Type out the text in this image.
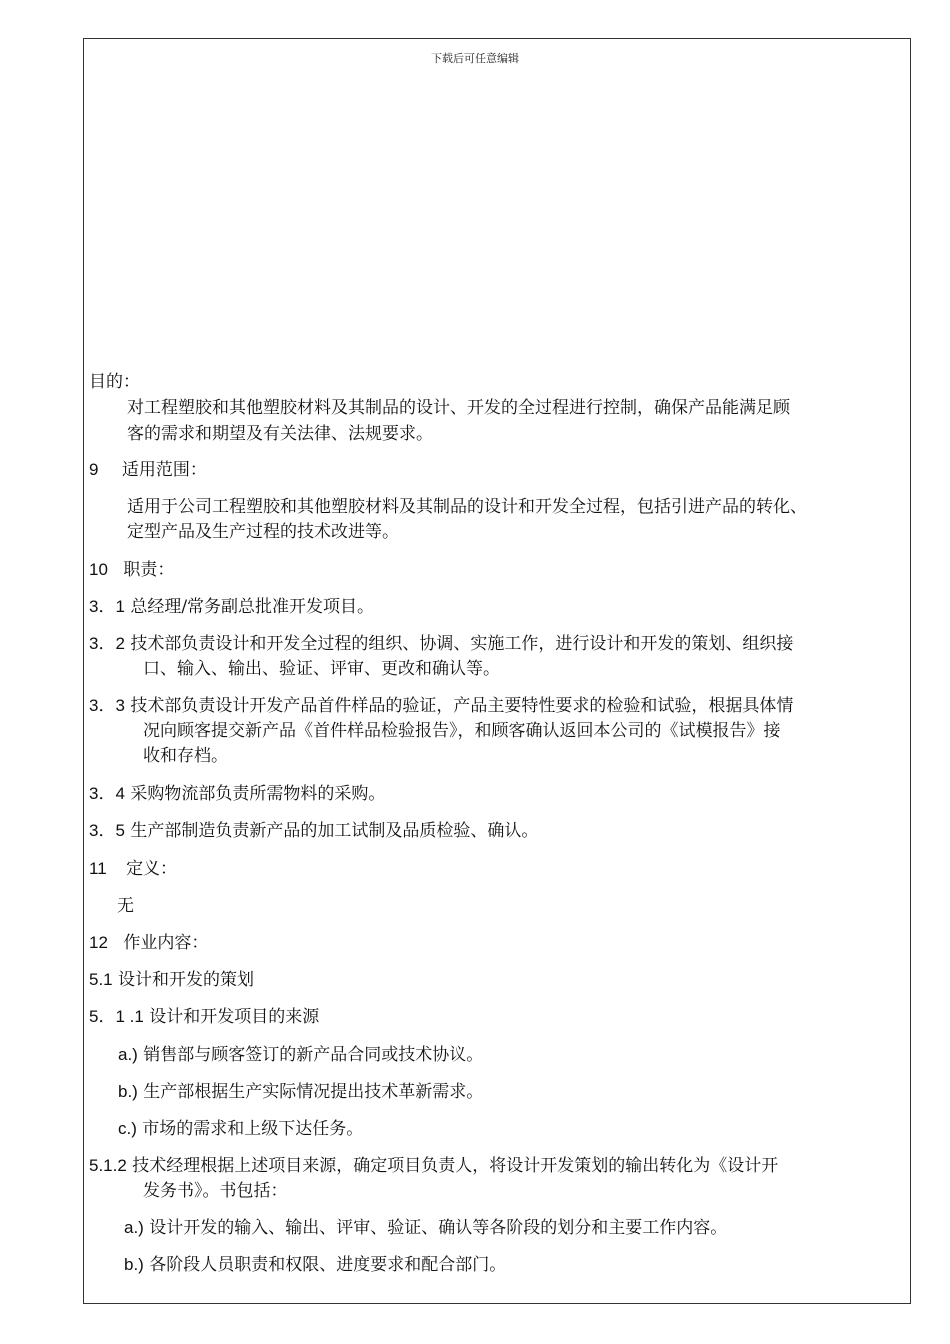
下载后可任意编辑
目的：
对工程塑胶和其他塑胶材料及其制品的设计、开发的全过程进行控制，确保产品能满足顾
客的需求和期望及有关法律、法规要求。
9 适用范围：
适用于公司工程塑胶和其他塑胶材料及其制品的设计和开发全过程，包括引进产品的转化、
定型产品及生产过程的技术改进等。
10 职责：
3．1 总经理/常务副总批准开发项目。
3．2 技术部负责设计和开发全过程的组织、协调、实施工作，进行设计和开发的策划、组织接
口、输入、输出、验证、评审、更改和确认等。
3．3 技术部负责设计开发产品首件样品的验证，产品主要特性要求的检验和试验，根据具体情
况向顾客提交新产品《首件样品检验报告》，和顾客确认返回本公司的《试模报告》接
收和存档。
3．4 采购物流部负责所需物料的采购。
3．5 生产部制造负责新产品的加工试制及品质检验、确认。
11 定义：
无
12 作业内容：
5.1 设计和开发的策划
5．1 .1 设计和开发项目的来源
a.) 销售部与顾客签订的新产品合同或技术协议。
b.) 生产部根据生产实际情况提出技术革新需求。
c.) 市场的需求和上级下达任务。
5.1.2 技术经理根据上述项目来源，确定项目负责人，将设计开发策划的输出转化为《设计开
发务书》。书包括：
a.) 设计开发的输入、输出、评审、验证、确认等各阶段的划分和主要工作内容。
b.) 各阶段人员职责和权限、进度要求和配合部门。
